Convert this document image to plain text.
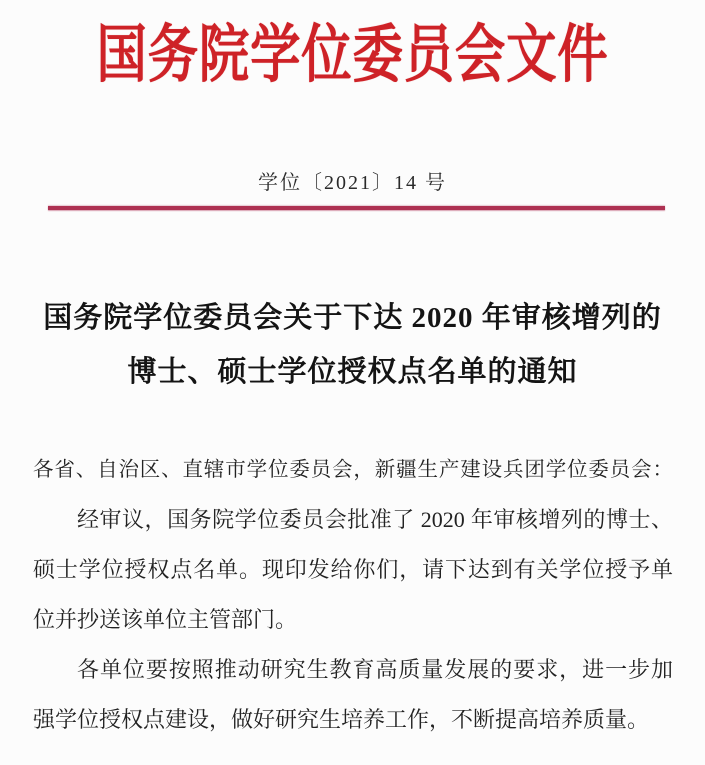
国务院学位委员会文件
学位〔2021〕14 号
国务院学位委员会关于下达 2020 年审核增列的
博士、硕士学位授权点名单的通知
各省、自治区、直辖市学位委员会，新疆生产建设兵团学位委员会：
经审议，国务院学位委员会批准了 2020 年审核增列的博士、
硕士学位授权点名单。现印发给你们，请下达到有关学位授予单
位并抄送该单位主管部门。
各单位要按照推动研究生教育高质量发展的要求，进一步加
强学位授权点建设，做好研究生培养工作，不断提高培养质量。
